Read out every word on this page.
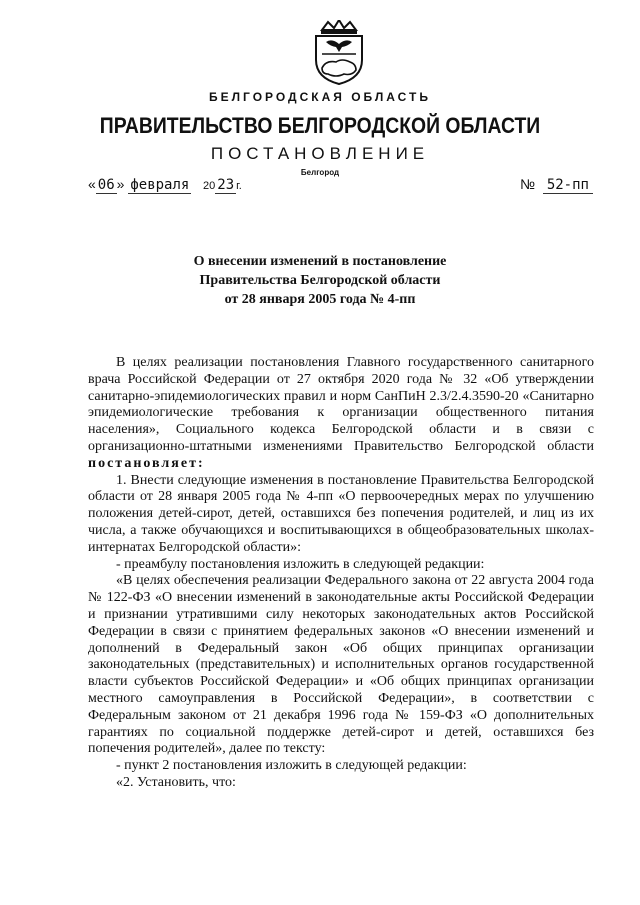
БЕЛГОРОДСКАЯ ОБЛАСТЬ
ПРАВИТЕЛЬСТВО БЕЛГОРОДСКОЙ ОБЛАСТИ
ПОСТАНОВЛЕНИЕ
Белгород
« 06 » февраля 20 23 г.	№ 52-пп
О внесении изменений в постановление
Правительства Белгородской области
от 28 января 2005 года № 4-пп

В целях реализации постановления Главного государственного санитарного врача Российской Федерации от 27 октября 2020 года № 32 «Об утверждении санитарно-эпидемиологических правил и норм СанПиН 2.3/2.4.3590-20 «Санитарно эпидемиологические требования к организации общественного питания населения», Социального кодекса Белгородской области и в связи с организационно-штатными изменениями Правительство Белгородской области постановляет:

1. Внести следующие изменения в постановление Правительства Белгородской области от 28 января 2005 года № 4-пп «О первоочередных мерах по улучшению положения детей-сирот, детей, оставшихся без попечения родителей, и лиц из их числа, а также обучающихся и воспитывающихся в общеобразовательных школах-интернатах Белгородской области»:

- преамбулу постановления изложить в следующей редакции:

«В целях обеспечения реализации Федерального закона от 22 августа 2004 года № 122-ФЗ «О внесении изменений в законодательные акты Российской Федерации и признании утратившими силу некоторых законодательных актов Российской Федерации в связи с принятием федеральных законов «О внесении изменений и дополнений в Федеральный закон «Об общих принципах организации законодательных (представительных) и исполнительных органов государственной власти субъектов Российской Федерации» и «Об общих принципах организации местного самоуправления в Российской Федерации», в соответствии с Федеральным законом от 21 декабря 1996 года № 159-ФЗ «О дополнительных гарантиях по социальной поддержке детей-сирот и детей, оставшихся без попечения родителей», далее по тексту:

- пункт 2 постановления изложить в следующей редакции:

«2. Установить, что:
